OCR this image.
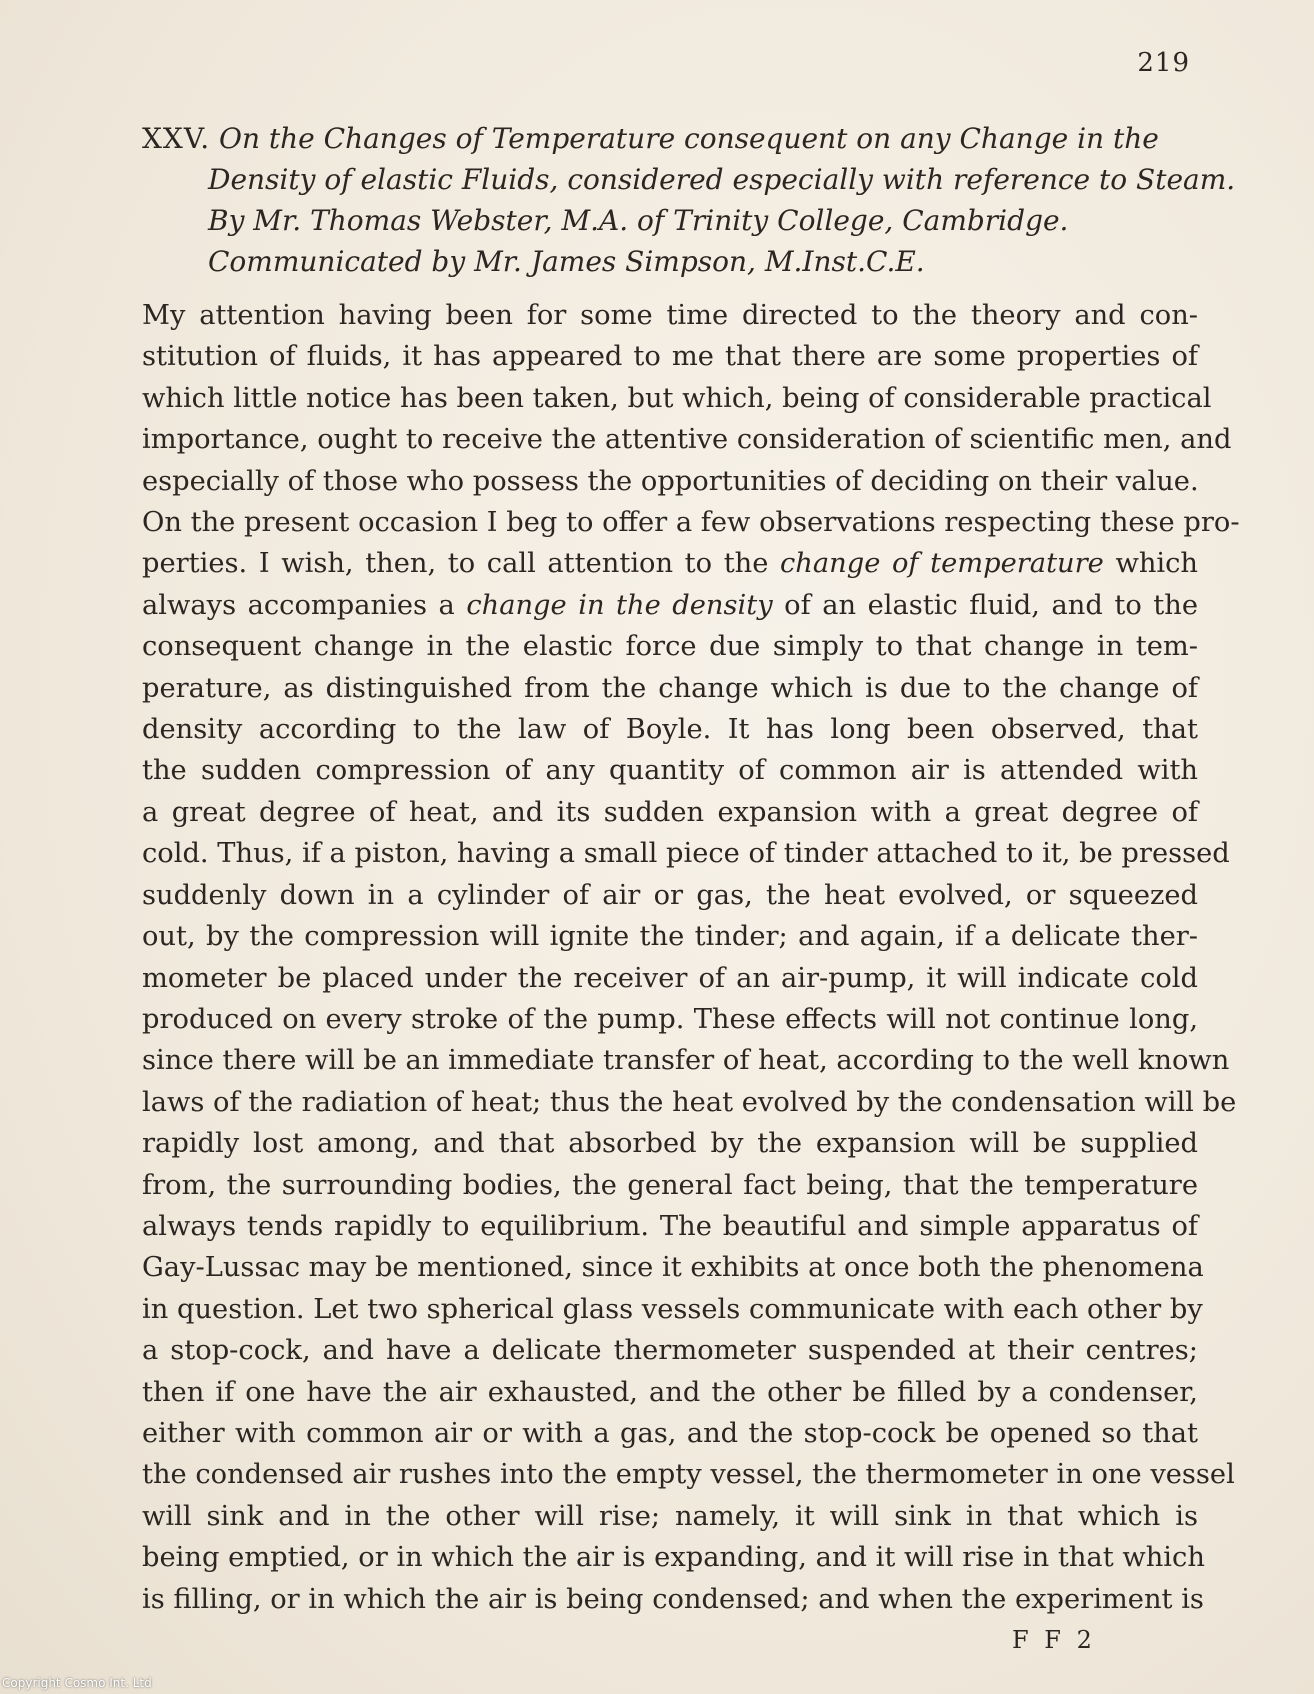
219
XXV. On the Changes of Temperature consequent on any Change in the Density of elastic Fluids, considered especially with reference to Steam. By Mr. Thomas Webster, M.A. of Trinity College, Cambridge. Communicated by Mr. James Simpson, M.Inst.C.E.
My attention having been for some time directed to the theory and con-
stitution of fluids, it has appeared to me that there are some properties of
which little notice has been taken, but which, being of considerable practical
importance, ought to receive the attentive consideration of scientific men, and
especially of those who possess the opportunities of deciding on their value.
On the present occasion I beg to offer a few observations respecting these pro-
perties. I wish, then, to call attention to the change of temperature which
always accompanies a change in the density of an elastic fluid, and to the
consequent change in the elastic force due simply to that change in tem-
perature, as distinguished from the change which is due to the change of
density according to the law of Boyle. It has long been observed, that
the sudden compression of any quantity of common air is attended with
a great degree of heat, and its sudden expansion with a great degree of
cold. Thus, if a piston, having a small piece of tinder attached to it, be pressed
suddenly down in a cylinder of air or gas, the heat evolved, or squeezed
out, by the compression will ignite the tinder; and again, if a delicate ther-
mometer be placed under the receiver of an air-pump, it will indicate cold
produced on every stroke of the pump. These effects will not continue long,
since there will be an immediate transfer of heat, according to the well known
laws of the radiation of heat; thus the heat evolved by the condensation will be
rapidly lost among, and that absorbed by the expansion will be supplied
from, the surrounding bodies, the general fact being, that the temperature
always tends rapidly to equilibrium. The beautiful and simple apparatus of
Gay-Lussac may be mentioned, since it exhibits at once both the phenomena
in question. Let two spherical glass vessels communicate with each other by
a stop-cock, and have a delicate thermometer suspended at their centres;
then if one have the air exhausted, and the other be filled by a condenser,
either with common air or with a gas, and the stop-cock be opened so that
the condensed air rushes into the empty vessel, the thermometer in one vessel
will sink and in the other will rise; namely, it will sink in that which is
being emptied, or in which the air is expanding, and it will rise in that which
is filling, or in which the air is being condensed; and when the experiment is
F F 2
Copyright Cosmo Int. Ltd
